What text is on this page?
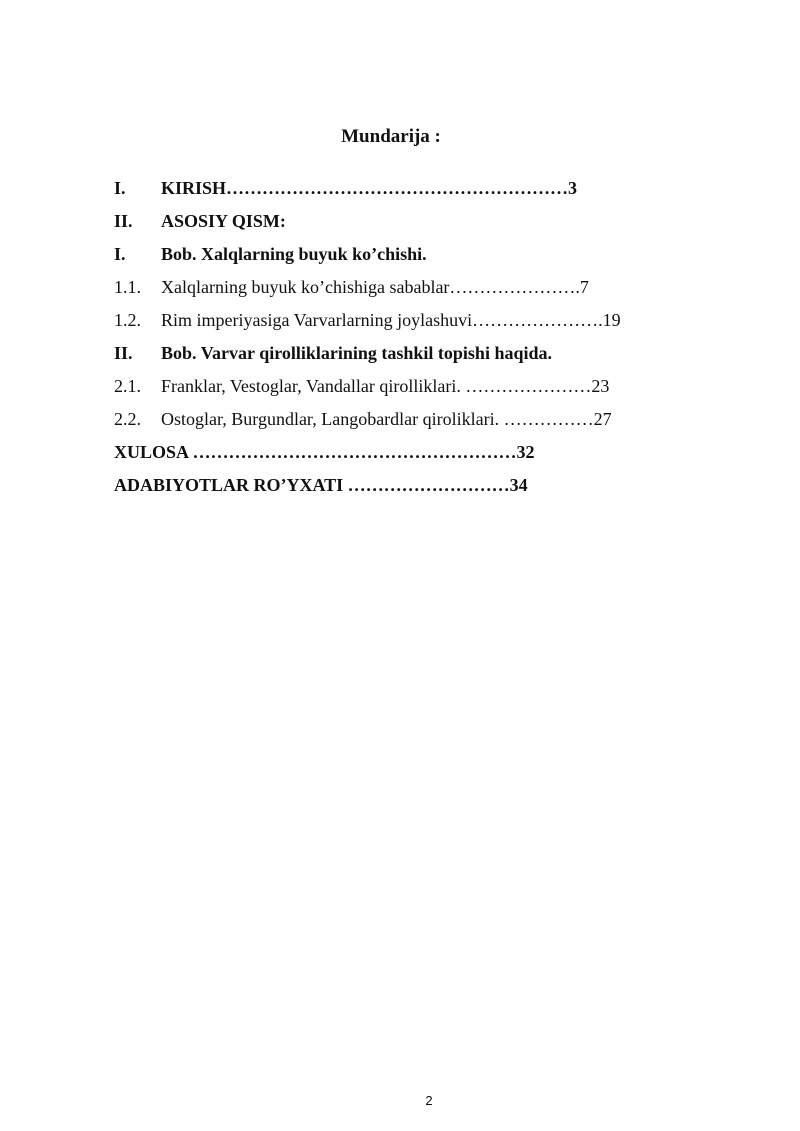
Mundarija :
I. KIRISH…………………………………………………3
II. ASOSIY QISM:
I. Bob. Xalqlarning buyuk ko’chishi.
1.1. Xalqlarning buyuk ko’chishiga sabablar………………….7
1.2. Rim imperiyasiga Varvarlarning joylashuvi………………….19
II. Bob. Varvar qirolliklarining tashkil topishi haqida.
2.1. Franklar, Vestoglar, Vandallar qirolliklari. …………………23
2.2. Ostoglar, Burgundlar, Langobardlar qiroliklari. ……………27
XULOSA ………………………………………………32
ADABIYOTLAR RO’YXATI ………………………34
2
